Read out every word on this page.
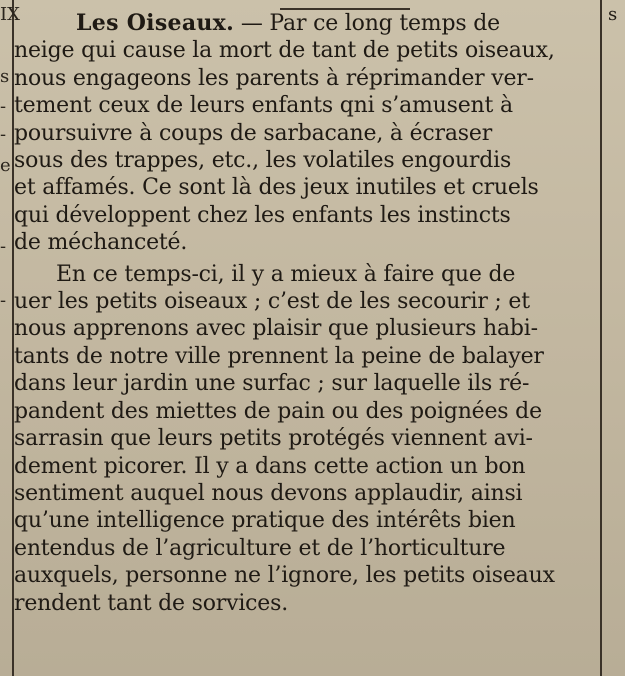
IX
s
-
-
e
-
-
s
Les Oiseaux. — Par ce long temps de
neige qui cause la mort de tant de petits oiseaux,
nous engageons les parents à réprimander ver-
tement ceux de leurs enfants qni s’amusent à
poursuivre à coups de sarbacane, à écraser
sous des trappes, etc., les volatiles engourdis
et affamés. Ce sont là des jeux inutiles et cruels
qui développent chez les enfants les instincts
de méchanceté.
En ce temps-ci, il y a mieux à faire que de
uer les petits oiseaux ; c’est de les secourir ; et
nous apprenons avec plaisir que plusieurs habi-
tants de notre ville prennent la peine de balayer
dans leur jardin une surfac ; sur laquelle ils ré-
pandent des miettes de pain ou des poignées de
sarrasin que leurs petits protégés viennent avi-
dement picorer. Il y a dans cette action un bon
sentiment auquel nous devons applaudir, ainsi
qu’une intelligence pratique des intérêts bien
entendus de l’agriculture et de l’horticulture
auxquels, personne ne l’ignore, les petits oiseaux
rendent tant de sorvices.
